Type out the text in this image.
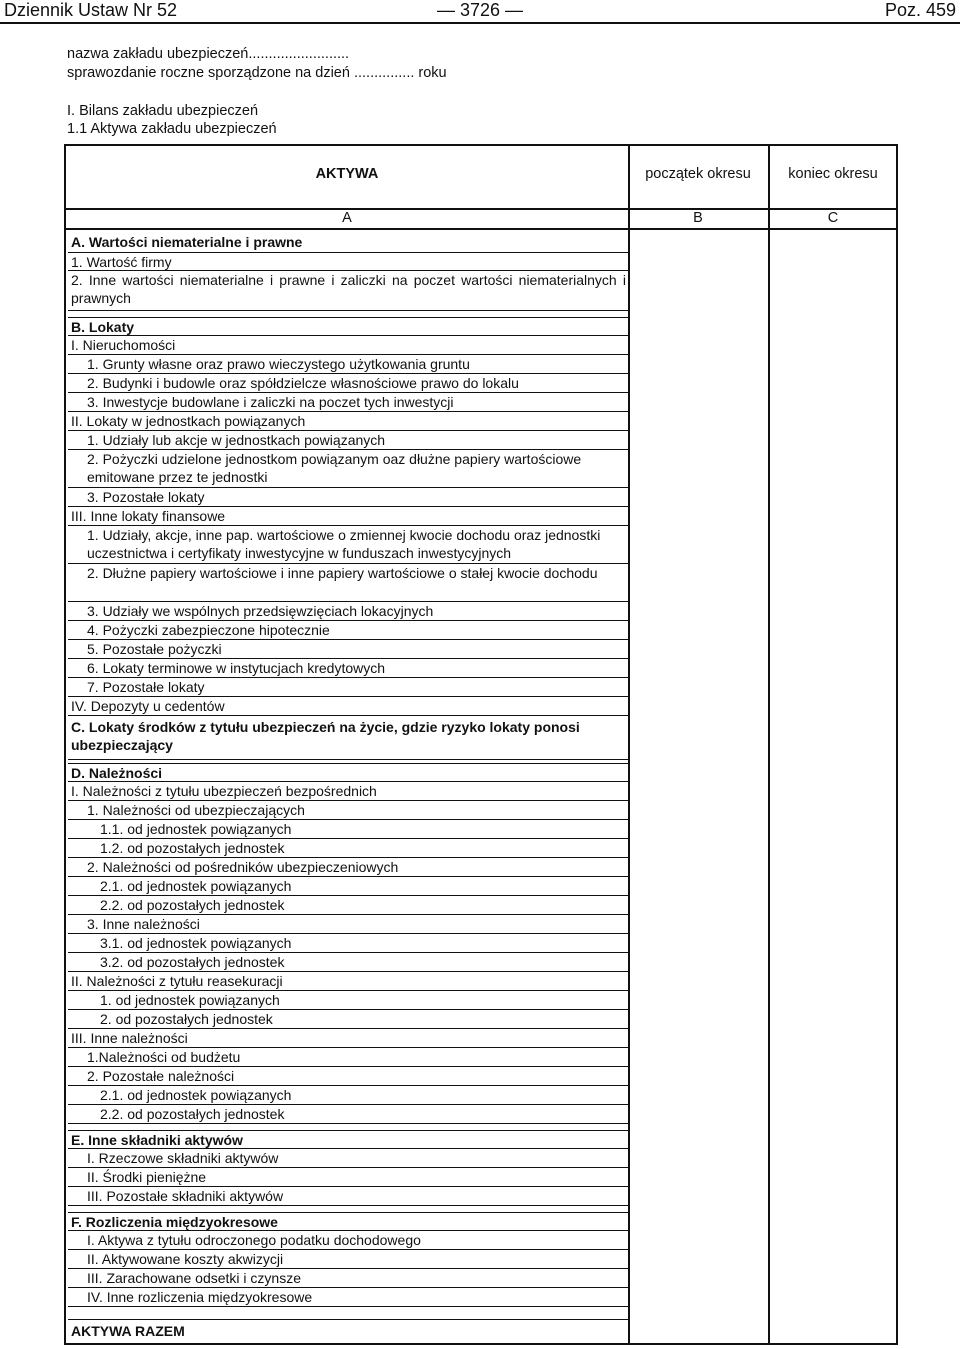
Dziennik Ustaw Nr 52	— 3726 —	Poz. 459
nazwa zakładu ubezpieczeń.........................
sprawozdanie roczne sporządzone na dzień ............... roku
I. Bilans zakładu ubezpieczeń
1.1 Aktywa zakładu ubezpieczeń
AKTYWA	początek okresu	koniec okresu
A	B	C
A. Wartości niematerialne i prawne
1. Wartość firmy
2. Inne wartości niematerialne i prawne i zaliczki na poczet wartości niematerialnych i prawnych
B. Lokaty
I. Nieruchomości
1. Grunty własne oraz prawo wieczystego użytkowania gruntu
2. Budynki i budowle oraz spółdzielcze własnościowe prawo do lokalu
3. Inwestycje budowlane i zaliczki na poczet tych inwestycji
II. Lokaty w jednostkach powiązanych
1. Udziały lub akcje w jednostkach powiązanych
2. Pożyczki udzielone jednostkom powiązanym oaz dłużne papiery wartościowe emitowane przez te jednostki
3. Pozostałe lokaty
III. Inne lokaty finansowe
1. Udziały, akcje, inne pap. wartościowe o zmiennej kwocie dochodu oraz jednostki uczestnictwa i certyfikaty inwestycyjne w funduszach inwestycyjnych
2. Dłużne papiery wartościowe i inne papiery wartościowe o stałej kwocie dochodu
3. Udziały we wspólnych przedsięwzięciach lokacyjnych
4. Pożyczki zabezpieczone hipotecznie
5. Pozostałe pożyczki
6. Lokaty terminowe w instytucjach kredytowych
7. Pozostałe lokaty
IV. Depozyty u cedentów
C. Lokaty środków z tytułu ubezpieczeń na życie, gdzie ryzyko lokaty ponosi ubezpieczający
D. Należności
I. Należności z tytułu ubezpieczeń bezpośrednich
1. Należności od ubezpieczających
1.1. od jednostek powiązanych
1.2. od pozostałych jednostek
2. Należności od pośredników ubezpieczeniowych
2.1. od jednostek powiązanych
2.2. od pozostałych jednostek
3. Inne należności
3.1. od jednostek powiązanych
3.2. od pozostałych jednostek
II. Należności z tytułu reasekuracji
1. od jednostek powiązanych
2. od pozostałych jednostek
III. Inne należności
1.Należności od budżetu
2. Pozostałe należności
2.1. od jednostek powiązanych
2.2. od pozostałych jednostek
E. Inne składniki aktywów
I. Rzeczowe składniki aktywów
II. Środki pieniężne
III. Pozostałe składniki aktywów
F. Rozliczenia międzyokresowe
I. Aktywa z tytułu odroczonego podatku dochodowego
II. Aktywowane koszty akwizycji
III. Zarachowane odsetki i czynsze
IV. Inne rozliczenia międzyokresowe
AKTYWA RAZEM
